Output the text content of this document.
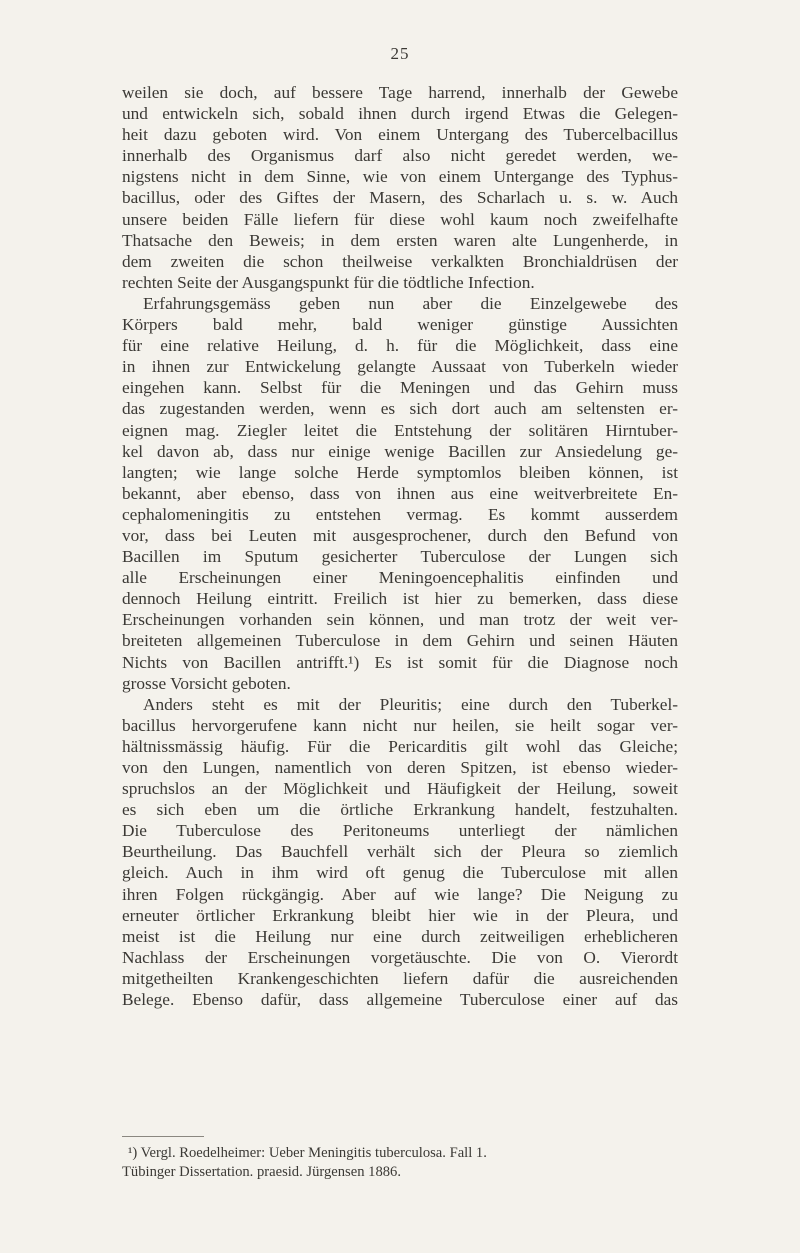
25
weilen sie doch, auf bessere Tage harrend, innerhalb der Gewebe
und entwickeln sich, sobald ihnen durch irgend Etwas die Gelegen-
heit dazu geboten wird. Von einem Untergang des Tubercelbacillus
innerhalb des Organismus darf also nicht geredet werden, we-
nigstens nicht in dem Sinne, wie von einem Untergange des Typhus-
bacillus, oder des Giftes der Masern, des Scharlach u. s. w. Auch
unsere beiden Fälle liefern für diese wohl kaum noch zweifelhafte
Thatsache den Beweis; in dem ersten waren alte Lungenherde, in
dem zweiten die schon theilweise verkalkten Bronchialdrüsen der
rechten Seite der Ausgangspunkt für die tödtliche Infection.
Erfahrungsgemäss geben nun aber die Einzelgewebe des
Körpers bald mehr, bald weniger günstige Aussichten
für eine relative Heilung, d. h. für die Möglichkeit, dass eine
in ihnen zur Entwickelung gelangte Aussaat von Tuberkeln wieder
eingehen kann. Selbst für die Meningen und das Gehirn muss
das zugestanden werden, wenn es sich dort auch am seltensten er-
eignen mag. Ziegler leitet die Entstehung der solitären Hirntuber-
kel davon ab, dass nur einige wenige Bacillen zur Ansiedelung ge-
langten; wie lange solche Herde symptomlos bleiben können, ist
bekannt, aber ebenso, dass von ihnen aus eine weitverbreitete En-
cephalomeningitis zu entstehen vermag. Es kommt ausserdem
vor, dass bei Leuten mit ausgesprochener, durch den Befund von
Bacillen im Sputum gesicherter Tuberculose der Lungen sich
alle Erscheinungen einer Meningoencephalitis einfinden und
dennoch Heilung eintritt. Freilich ist hier zu bemerken, dass diese
Erscheinungen vorhanden sein können, und man trotz der weit ver-
breiteten allgemeinen Tuberculose in dem Gehirn und seinen Häuten
Nichts von Bacillen antrifft.¹) Es ist somit für die Diagnose noch
grosse Vorsicht geboten.
Anders steht es mit der Pleuritis; eine durch den Tuberkel-
bacillus hervorgerufene kann nicht nur heilen, sie heilt sogar ver-
hältnissmässig häufig. Für die Pericarditis gilt wohl das Gleiche;
von den Lungen, namentlich von deren Spitzen, ist ebenso wieder-
spruchslos an der Möglichkeit und Häufigkeit der Heilung, soweit
es sich eben um die örtliche Erkrankung handelt, festzuhalten.
Die Tuberculose des Peritoneums unterliegt der nämlichen
Beurtheilung. Das Bauchfell verhält sich der Pleura so ziemlich
gleich. Auch in ihm wird oft genug die Tuberculose mit allen
ihren Folgen rückgängig. Aber auf wie lange? Die Neigung zu
erneuter örtlicher Erkrankung bleibt hier wie in der Pleura, und
meist ist die Heilung nur eine durch zeitweiligen erheblicheren
Nachlass der Erscheinungen vorgetäuschte. Die von O. Vierordt
mitgetheilten Krankengeschichten liefern dafür die ausreichenden
Belege. Ebenso dafür, dass allgemeine Tuberculose einer auf das
¹) Vergl. Roedelheimer: Ueber Meningitis tuberculosa. Fall 1.
Tübinger Dissertation. praesid. Jürgensen 1886.
